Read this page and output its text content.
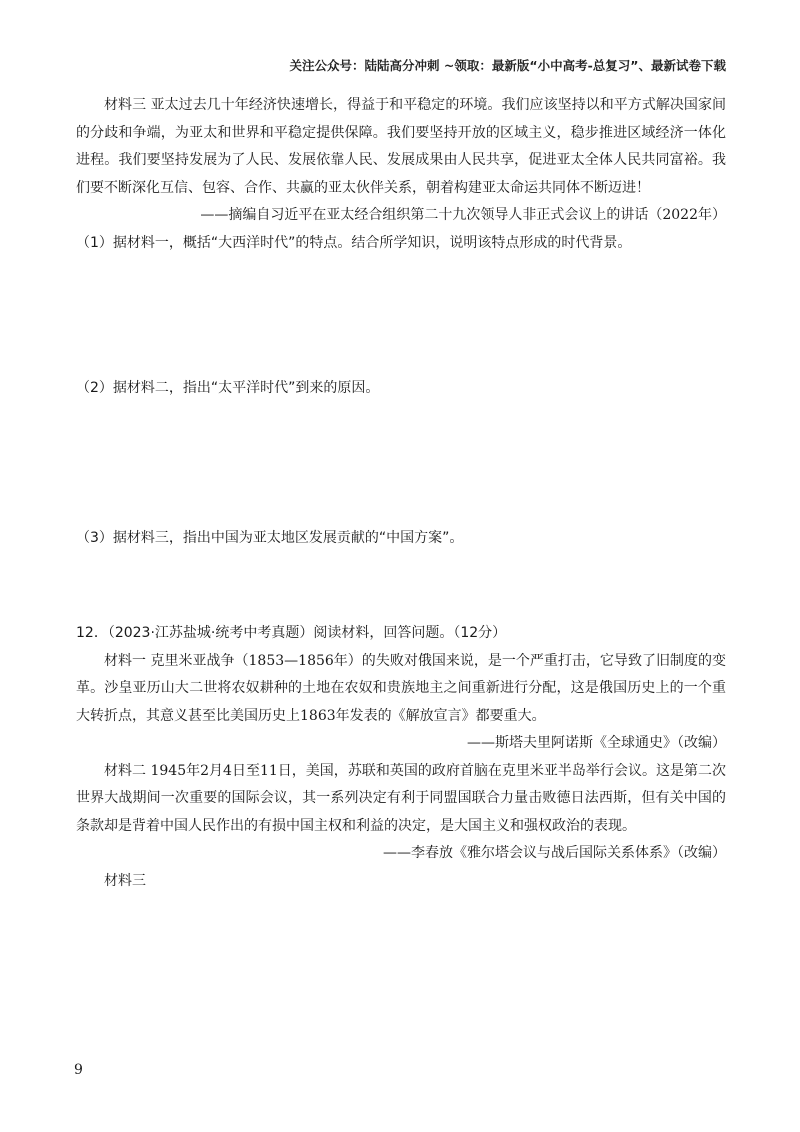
关注公众号：陆陆高分冲刺 ~领取：最新版“小中高考-总复习”、最新试卷下载

材料三 亚太过去几十年经济快速增长，得益于和平稳定的环境。我们应该坚持以和平方式解决国家间的分歧和争端，为亚太和世界和平稳定提供保障。我们要坚持开放的区域主义，稳步推进区域经济一体化进程。我们要坚持发展为了人民、发展依靠人民、发展成果由人民共享，促进亚太全体人民共同富裕。我们要不断深化互信、包容、合作、共赢的亚太伙伴关系，朝着构建亚太命运共同体不断迈进！

——摘编自习近平在亚太经合组织第二十九次领导人非正式会议上的讲话（2022年）

（1）据材料一，概括“大西洋时代”的特点。结合所学知识，说明该特点形成的时代背景。

（2）据材料二，指出“太平洋时代”到来的原因。

（3）据材料三，指出中国为亚太地区发展贡献的“中国方案”。

12．（2023·江苏盐城·统考中考真题）阅读材料，回答问题。（12分）

材料一 克里米亚战争（1853—1856年）的失败对俄国来说，是一个严重打击，它导致了旧制度的变革。沙皇亚历山大二世将农奴耕种的土地在农奴和贵族地主之间重新进行分配，这是俄国历史上的一个重大转折点，其意义甚至比美国历史上1863年发表的《解放宣言》都要重大。

——斯塔夫里阿诺斯《全球通史》（改编）

材料二 1945年2月4日至11日，美国，苏联和英国的政府首脑在克里米亚半岛举行会议。这是第二次世界大战期间一次重要的国际会议，其一系列决定有利于同盟国联合力量击败德日法西斯，但有关中国的条款却是背着中国人民作出的有损中国主权和利益的决定，是大国主义和强权政治的表现。

——李春放《雅尔塔会议与战后国际关系体系》（改编）

材料三

9
